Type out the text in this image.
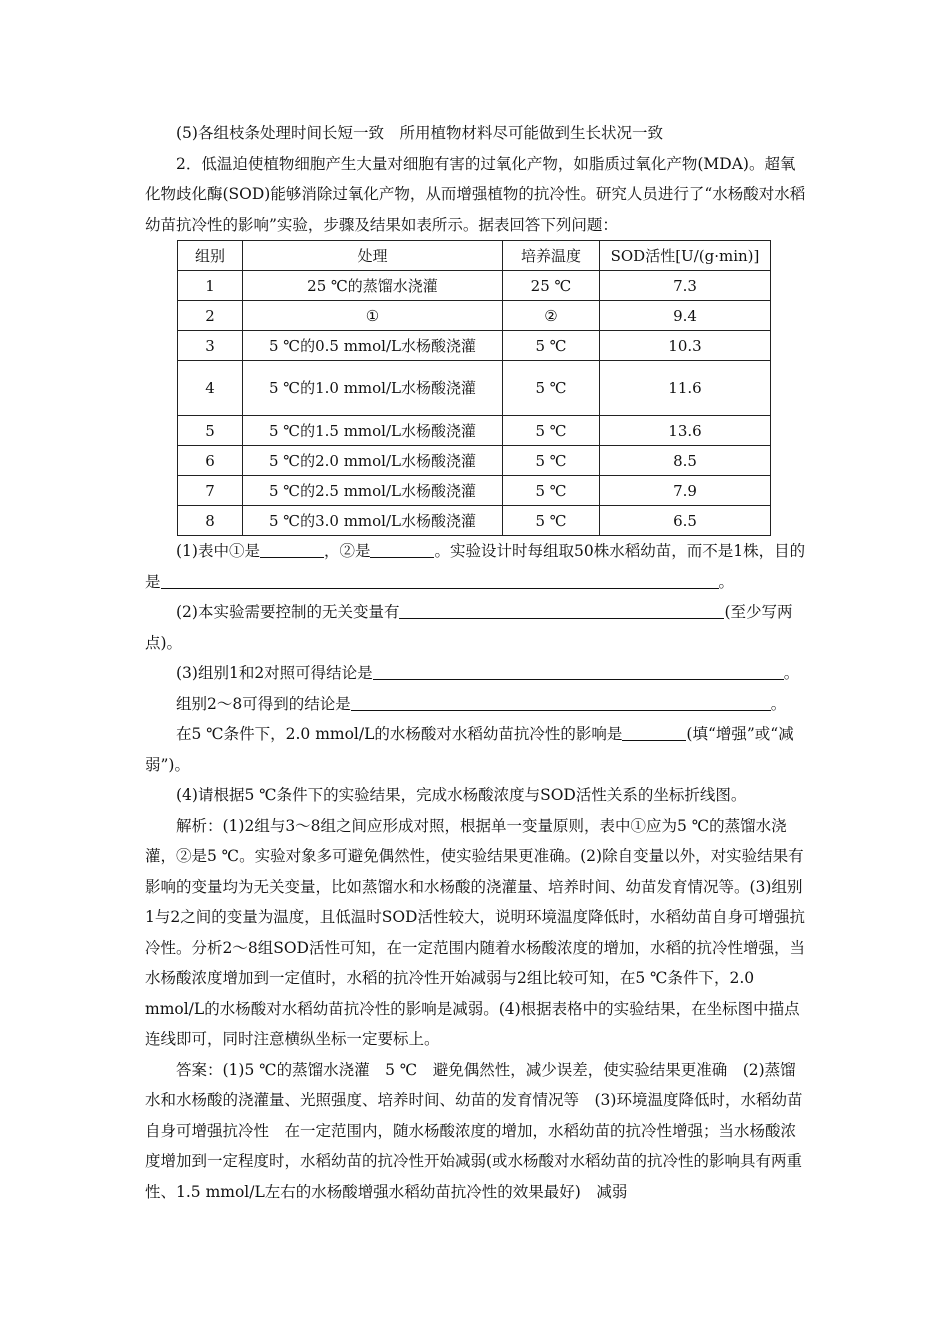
(5)各组枝条处理时间长短一致　所用植物材料尽可能做到生长状况一致

2．低温迫使植物细胞产生大量对细胞有害的过氧化产物，如脂质过氧化产物(MDA)。超氧化物歧化酶(SOD)能够消除过氧化产物，从而增强植物的抗冷性。研究人员进行了“水杨酸对水稻幼苗抗冷性的影响”实验，步骤及结果如表所示。据表回答下列问题：

组别	处理	培养温度	SOD活性[U/(g·min)]
1	25 ℃的蒸馏水浇灌	25 ℃	7.3
2	①	②	9.4
3	5 ℃的0.5 mmol/L水杨酸浇灌	5 ℃	10.3
4	5 ℃的1.0 mmol/L水杨酸浇灌	5 ℃	11.6
5	5 ℃的1.5 mmol/L水杨酸浇灌	5 ℃	13.6
6	5 ℃的2.0 mmol/L水杨酸浇灌	5 ℃	8.5
7	5 ℃的2.5 mmol/L水杨酸浇灌	5 ℃	7.9
8	5 ℃的3.0 mmol/L水杨酸浇灌	5 ℃	6.5

(1)表中①是	，②是	。实验设计时每组取50株水稻幼苗，而不是1株，目的是	。

(2)本实验需要控制的无关变量有	(至少写两点)。

(3)组别1和2对照可得结论是	。

组别2～8可得到的结论是	。

在5 ℃条件下，2.0 mmol/L的水杨酸对水稻幼苗抗冷性的影响是	(填“增强”或“减弱”)。

(4)请根据5 ℃条件下的实验结果，完成水杨酸浓度与SOD活性关系的坐标折线图。

解析：(1)2组与3～8组之间应形成对照，根据单一变量原则，表中①应为5 ℃的蒸馏水浇灌，②是5 ℃。实验对象多可避免偶然性，使实验结果更准确。(2)除自变量以外，对实验结果有影响的变量均为无关变量，比如蒸馏水和水杨酸的浇灌量、培养时间、幼苗发育情况等。(3)组别1与2之间的变量为温度，且低温时SOD活性较大，说明环境温度降低时，水稻幼苗自身可增强抗冷性。分析2～8组SOD活性可知，在一定范围内随着水杨酸浓度的增加，水稻的抗冷性增强，当水杨酸浓度增加到一定值时，水稻的抗冷性开始减弱与2组比较可知，在5 ℃条件下，2.0 mmol/L的水杨酸对水稻幼苗抗冷性的影响是减弱。(4)根据表格中的实验结果，在坐标图中描点连线即可，同时注意横纵坐标一定要标上。

答案：(1)5 ℃的蒸馏水浇灌　5 ℃　避免偶然性，减少误差，使实验结果更准确　(2)蒸馏水和水杨酸的浇灌量、光照强度、培养时间、幼苗的发育情况等　(3)环境温度降低时，水稻幼苗自身可增强抗冷性　在一定范围内，随水杨酸浓度的增加，水稻幼苗的抗冷性增强；当水杨酸浓度增加到一定程度时，水稻幼苗的抗冷性开始减弱(或水杨酸对水稻幼苗的抗冷性的影响具有两重性、1.5 mmol/L左右的水杨酸增强水稻幼苗抗冷性的效果最好)　减弱
